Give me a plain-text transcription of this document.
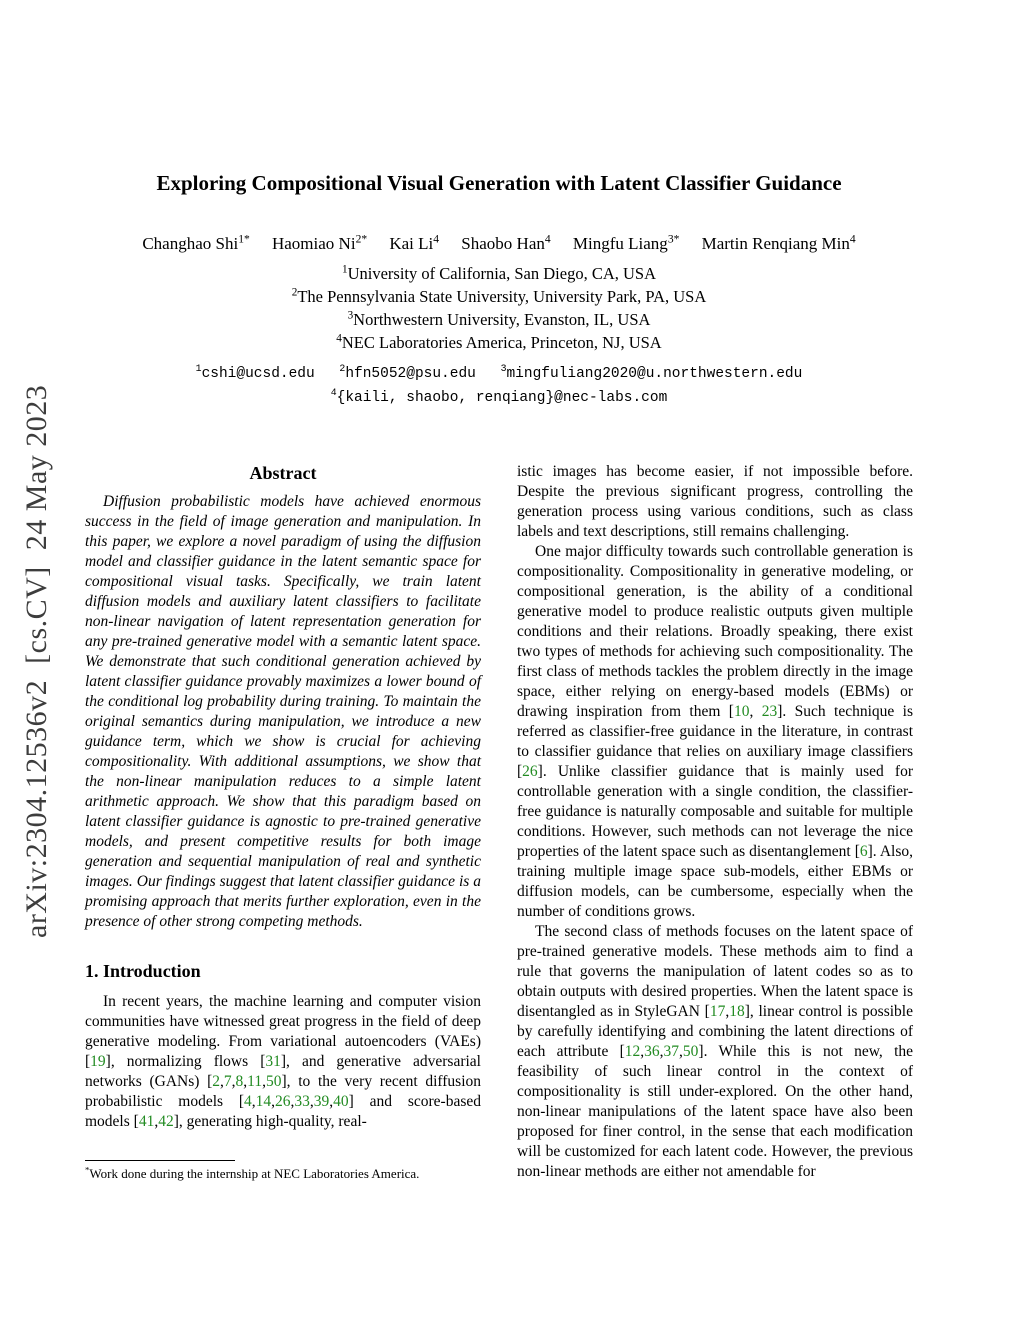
arXiv:2304.12536v2  [cs.CV]  24 May 2023
Exploring Compositional Visual Generation with Latent Classifier Guidance
Changhao Shi$^{1*}$ Haomiao $Ni^{2*}$ Kai Li$^4$ Shaobo Han$^4$ Mingfu Liang$^{3*}$ Martin Renqiang Min$^4$
$^1$University of California, San Diego, CA, USA
$^2$The Pennsylvania State University, University Park, PA, USA
$^3$Northwestern University, Evanston, IL, USA
$^4$NEC Laboratories America, Princeton, NJ, USA
$^1$cshi@ucsd.edu	$^2$hfn5052@psu.edu	$^3$mingfuliang2020@u.northwestern.edu
$^4${kaili, shaobo, renqiang}@nec-labs.com
Abstract

Diffusion probabilistic models have achieved enormous success in the field of image generation and manipulation. In this paper, we explore a novel paradigm of using the diffusion model and classifier guidance in the latent semantic space for compositional visual tasks. Specifically, we train latent diffusion models and auxiliary latent classifiers to facilitate non-linear navigation of latent representation generation for any pre-trained generative model with a semantic latent space. We demonstrate that such conditional generation achieved by latent classifier guidance provably maximizes a lower bound of the conditional log probability during training. To maintain the original semantics during manipulation, we introduce a new guidance term, which we show is crucial for achieving compositionality. With additional assumptions, we show that the non-linear manipulation reduces to a simple latent arithmetic approach. We show that this paradigm based on latent classifier guidance is agnostic to pre-trained generative models, and present competitive results for both image generation and sequential manipulation of real and synthetic images. Our findings suggest that latent classifier guidance is a promising approach that merits further exploration, even in the presence of other strong competing methods.

1. Introduction

In recent years, the machine learning and computer vision communities have witnessed great progress in the field of deep generative modeling. From variational autoencoders (VAEs) [19], normalizing flows [31], and generative adversarial networks (GANs) [2,7,8,11,50], to the very recent diffusion probabilistic models [4,14,26,33,39,40] and score-based models [41,42], generating high-quality, real-

*Work done during the internship at NEC Laboratories America.

istic images has become easier, if not impossible before. Despite the previous significant progress, controlling the generation process using various conditions, such as class labels and text descriptions, still remains challenging.

One major difficulty towards such controllable generation is compositionality. Compositionality in generative modeling, or compositional generation, is the ability of a conditional generative model to produce realistic outputs given multiple conditions and their relations. Broadly speaking, there exist two types of methods for achieving such compositionality. The first class of methods tackles the problem directly in the image space, either relying on energy-based models (EBMs) or drawing inspiration from them [10, 23]. Such technique is referred as classifier-free guidance in the literature, in contrast to classifier guidance that relies on auxiliary image classifiers [26]. Unlike classifier guidance that is mainly used for controllable generation with a single condition, the classifier-free guidance is naturally composable and suitable for multiple conditions. However, such methods can not leverage the nice properties of the latent space such as disentanglement [6]. Also, training multiple image space sub-models, either EBMs or diffusion models, can be cumbersome, especially when the number of conditions grows.

The second class of methods focuses on the latent space of pre-trained generative models. These methods aim to find a rule that governs the manipulation of latent codes so as to obtain outputs with desired properties. When the latent space is disentangled as in StyleGAN [17,18], linear control is possible by carefully identifying and combining the latent directions of each attribute [12,36,37,50]. While this is not new, the feasibility of such linear control in the context of compositionality is still under-explored. On the other hand, non-linear manipulations of the latent space have also been proposed for finer control, in the sense that each modification will be customized for each latent code. However, the previous non-linear methods are either not amendable for
